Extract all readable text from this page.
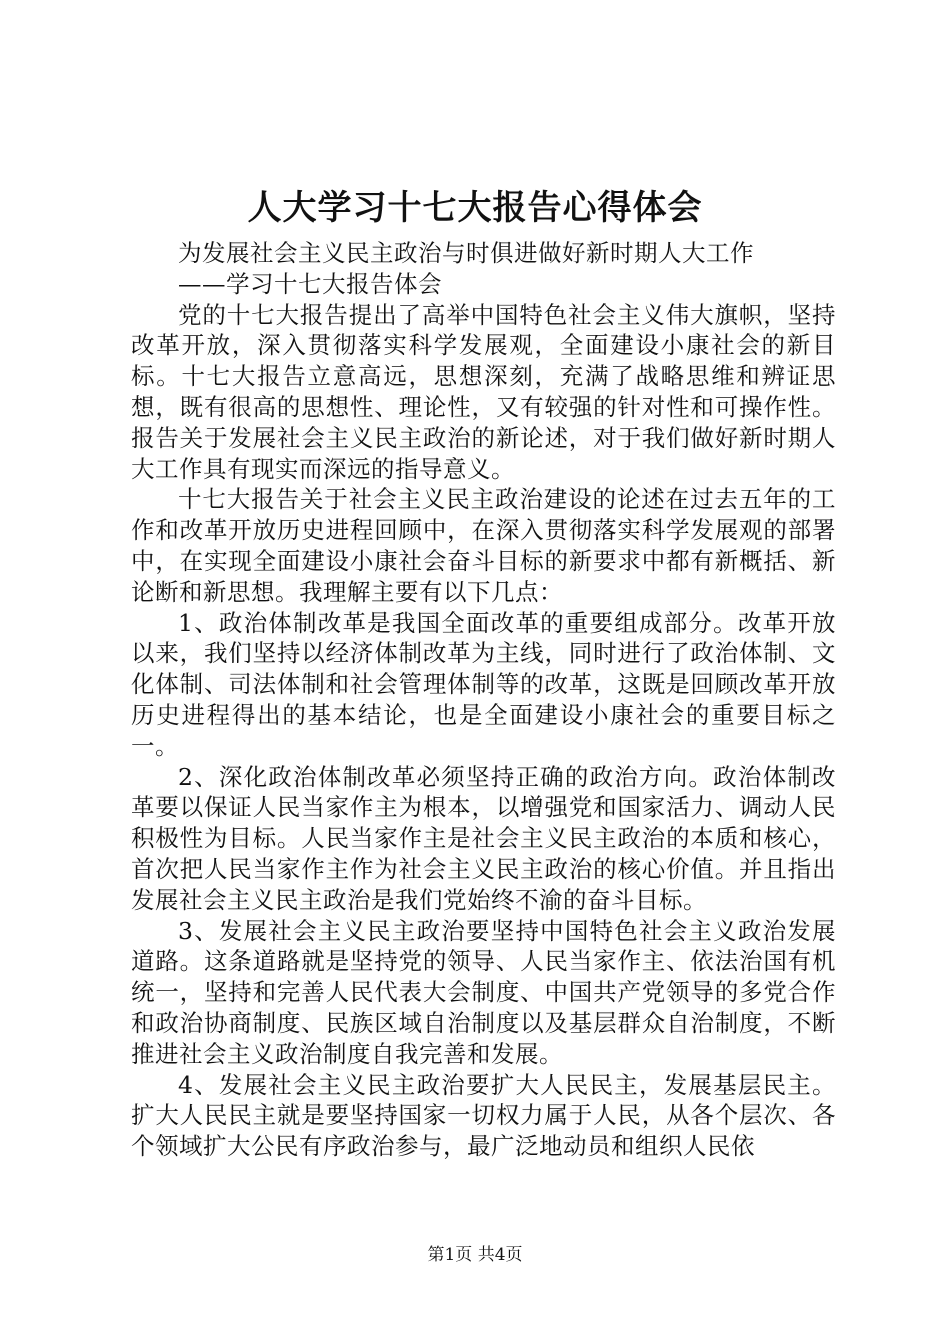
人大学习十七大报告心得体会

为发展社会主义民主政治与时俱进做好新时期人大工作

——学习十七大报告体会

党的十七大报告提出了高举中国特色社会主义伟大旗帜，坚持改革开放，深入贯彻落实科学发展观，全面建设小康社会的新目标。十七大报告立意高远，思想深刻，充满了战略思维和辨证思想，既有很高的思想性、理论性，又有较强的针对性和可操作性。报告关于发展社会主义民主政治的新论述，对于我们做好新时期人大工作具有现实而深远的指导意义。

十七大报告关于社会主义民主政治建设的论述在过去五年的工作和改革开放历史进程回顾中，在深入贯彻落实科学发展观的部署中，在实现全面建设小康社会奋斗目标的新要求中都有新概括、新论断和新思想。我理解主要有以下几点：

1、政治体制改革是我国全面改革的重要组成部分。改革开放以来，我们坚持以经济体制改革为主线，同时进行了政治体制、文化体制、司法体制和社会管理体制等的改革，这既是回顾改革开放历史进程得出的基本结论，也是全面建设小康社会的重要目标之一。

2、深化政治体制改革必须坚持正确的政治方向。政治体制改革要以保证人民当家作主为根本，以增强党和国家活力、调动人民积极性为目标。人民当家作主是社会主义民主政治的本质和核心，首次把人民当家作主作为社会主义民主政治的核心价值。并且指出发展社会主义民主政治是我们党始终不渝的奋斗目标。

3、发展社会主义民主政治要坚持中国特色社会主义政治发展道路。这条道路就是坚持党的领导、人民当家作主、依法治国有机统一，坚持和完善人民代表大会制度、中国共产党领导的多党合作和政治协商制度、民族区域自治制度以及基层群众自治制度，不断推进社会主义政治制度自我完善和发展。

4、发展社会主义民主政治要扩大人民民主，发展基层民主。扩大人民民主就是要坚持国家一切权力属于人民，从各个层次、各个领域扩大公民有序政治参与，最广泛地动员和组织人民依

第1页 共4页
